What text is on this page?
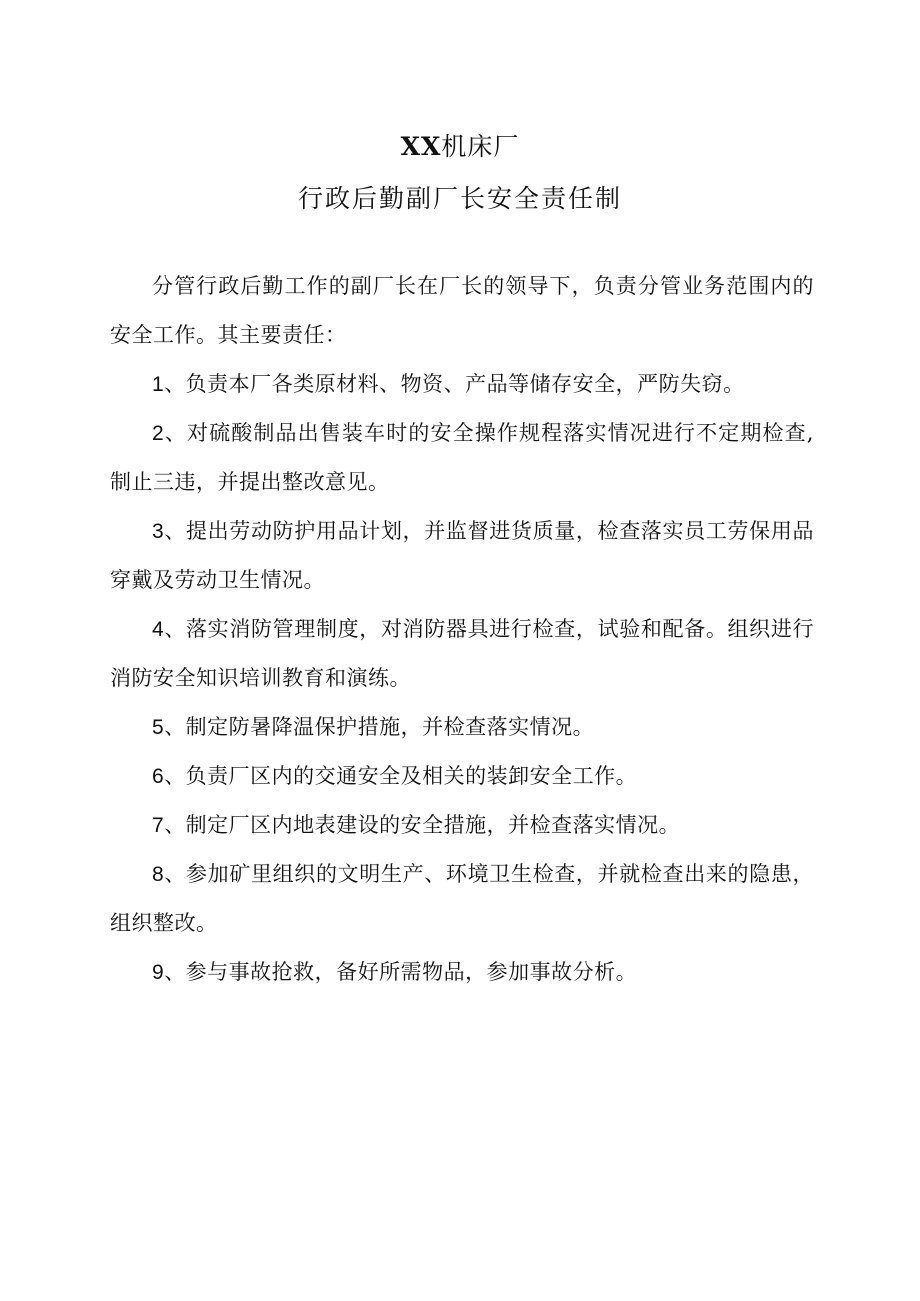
XX机床厂
行政后勤副厂长安全责任制

分管行政后勤工作的副厂长在厂长的领导下，负责分管业务范围内的安全工作。其主要责任：

1、负责本厂各类原材料、物资、产品等储存安全，严防失窃。

2、对硫酸制品出售装车时的安全操作规程落实情况进行不定期检查,制止三违，并提出整改意见。

3、提出劳动防护用品计划，并监督进货质量，检查落实员工劳保用品穿戴及劳动卫生情况。

4、落实消防管理制度，对消防器具进行检查，试验和配备。组织进行消防安全知识培训教育和演练。

5、制定防暑降温保护措施，并检查落实情况。

6、负责厂区内的交通安全及相关的装卸安全工作。

7、制定厂区内地表建设的安全措施，并检查落实情况。

8、参加矿里组织的文明生产、环境卫生检查，并就检查出来的隐患，组织整改。

9、参与事故抢救，备好所需物品，参加事故分析。
